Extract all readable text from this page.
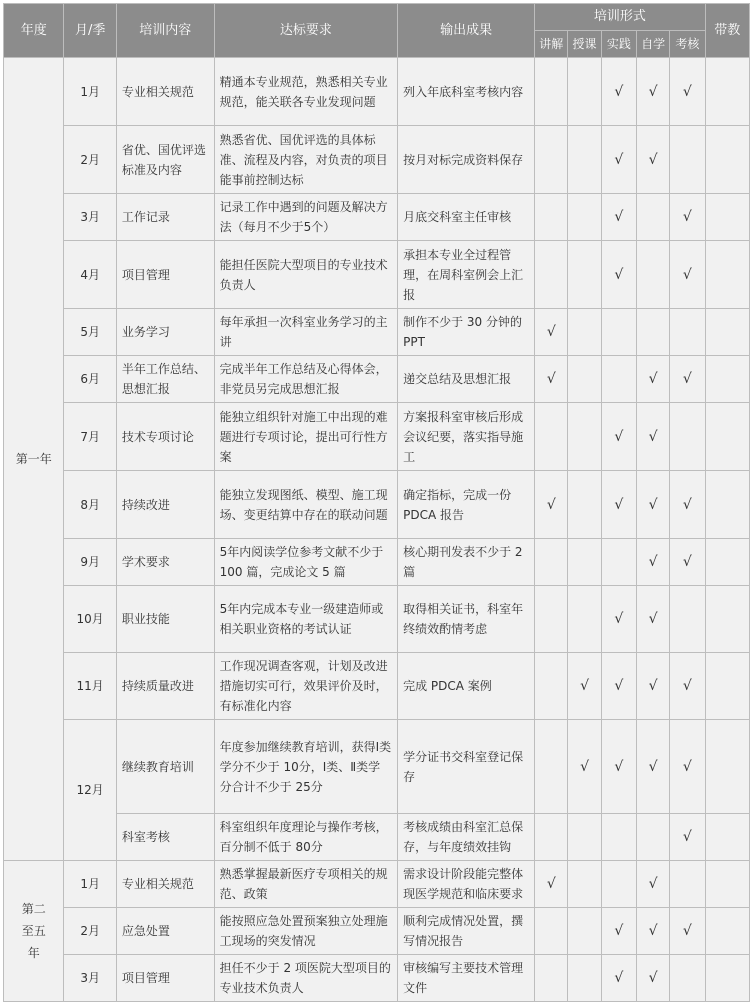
年度	月/季	培训内容	达标要求	输出成果	培训形式					带教
					讲解	授课	实践	自学	考核	
第一年	1月	专业相关规范	精通本专业规范，熟悉相关专业规范，能关联各专业发现问题	列入年底科室考核内容			√	√	√	
	2月	省优、国优评选标准及内容	熟悉省优、国优评选的具体标准、流程及内容，对负责的项目能事前控制达标	按月对标完成资料保存			√	√		
	3月	工作记录	记录工作中遇到的问题及解决方法（每月不少于5个）	月底交科室主任审核			√		√	
	4月	项目管理	能担任医院大型项目的专业技术负责人	承担本专业全过程管理，在周科室例会上汇报			√		√	
	5月	业务学习	每年承担一次科室业务学习的主讲	制作不少于 30 分钟的 PPT	√					
	6月	半年工作总结、思想汇报	完成半年工作总结及心得体会，非党员另完成思想汇报	递交总结及思想汇报	√			√	√	
	7月	技术专项讨论	能独立组织针对施工中出现的难题进行专项讨论，提出可行性方案	方案报科室审核后形成会议纪要，落实指导施工			√	√		
	8月	持续改进	能独立发现图纸、模型、施工现场、变更结算中存在的联动问题	确定指标，完成一份 PDCA 报告	√		√	√	√	
	9月	学术要求	5年内阅读学位参考文献不少于 100 篇，完成论文 5 篇	核心期刊发表不少于 2 篇				√	√	
	10月	职业技能	5年内完成本专业一级建造师或相关职业资格的考试认证	取得相关证书，科室年终绩效酌情考虑			√	√		
	11月	持续质量改进	工作现况调查客观，计划及改进措施切实可行，效果评价及时，有标准化内容	完成 PDCA 案例		√	√	√	√	
	12月	继续教育培训	年度参加继续教育培训，获得Ⅰ类学分不少于 10分，Ⅰ类、Ⅱ类学分合计不少于 25分	学分证书交科室登记保存		√	√	√	√	
		科室考核	科室组织年度理论与操作考核，百分制不低于 80分	考核成绩由科室汇总保存，与年度绩效挂钩					√	
第二至五年	1月	专业相关规范	熟悉掌握最新医疗专项相关的规范、政策	需求设计阶段能完整体现医学规范和临床要求	√			√		
	2月	应急处置	能按照应急处置预案独立处理施工现场的突发情况	顺利完成情况处置，撰写情况报告			√	√	√	
	3月	项目管理	担任不少于 2 项医院大型项目的专业技术负责人	审核编写主要技术管理文件			√	√		
